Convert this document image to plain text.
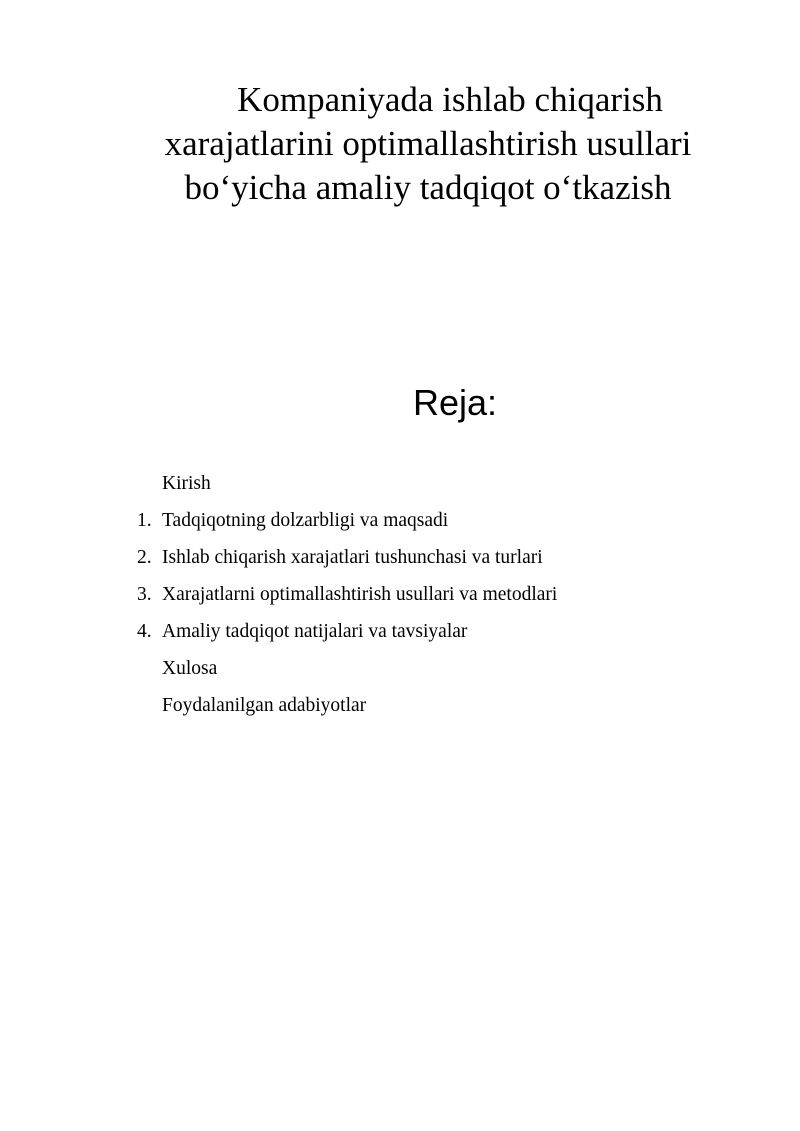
Kompaniyada ishlab chiqarish
xarajatlarini optimallashtirish usullari
bo‘yicha amaliy tadqiqot o‘tkazish
Reja:
Kirish
1. Tadqiqotning dolzarbligi va maqsadi
2. Ishlab chiqarish xarajatlari tushunchasi va turlari
3. Xarajatlarni optimallashtirish usullari va metodlari
4. Amaliy tadqiqot natijalari va tavsiyalar
Xulosa
Foydalanilgan adabiyotlar
